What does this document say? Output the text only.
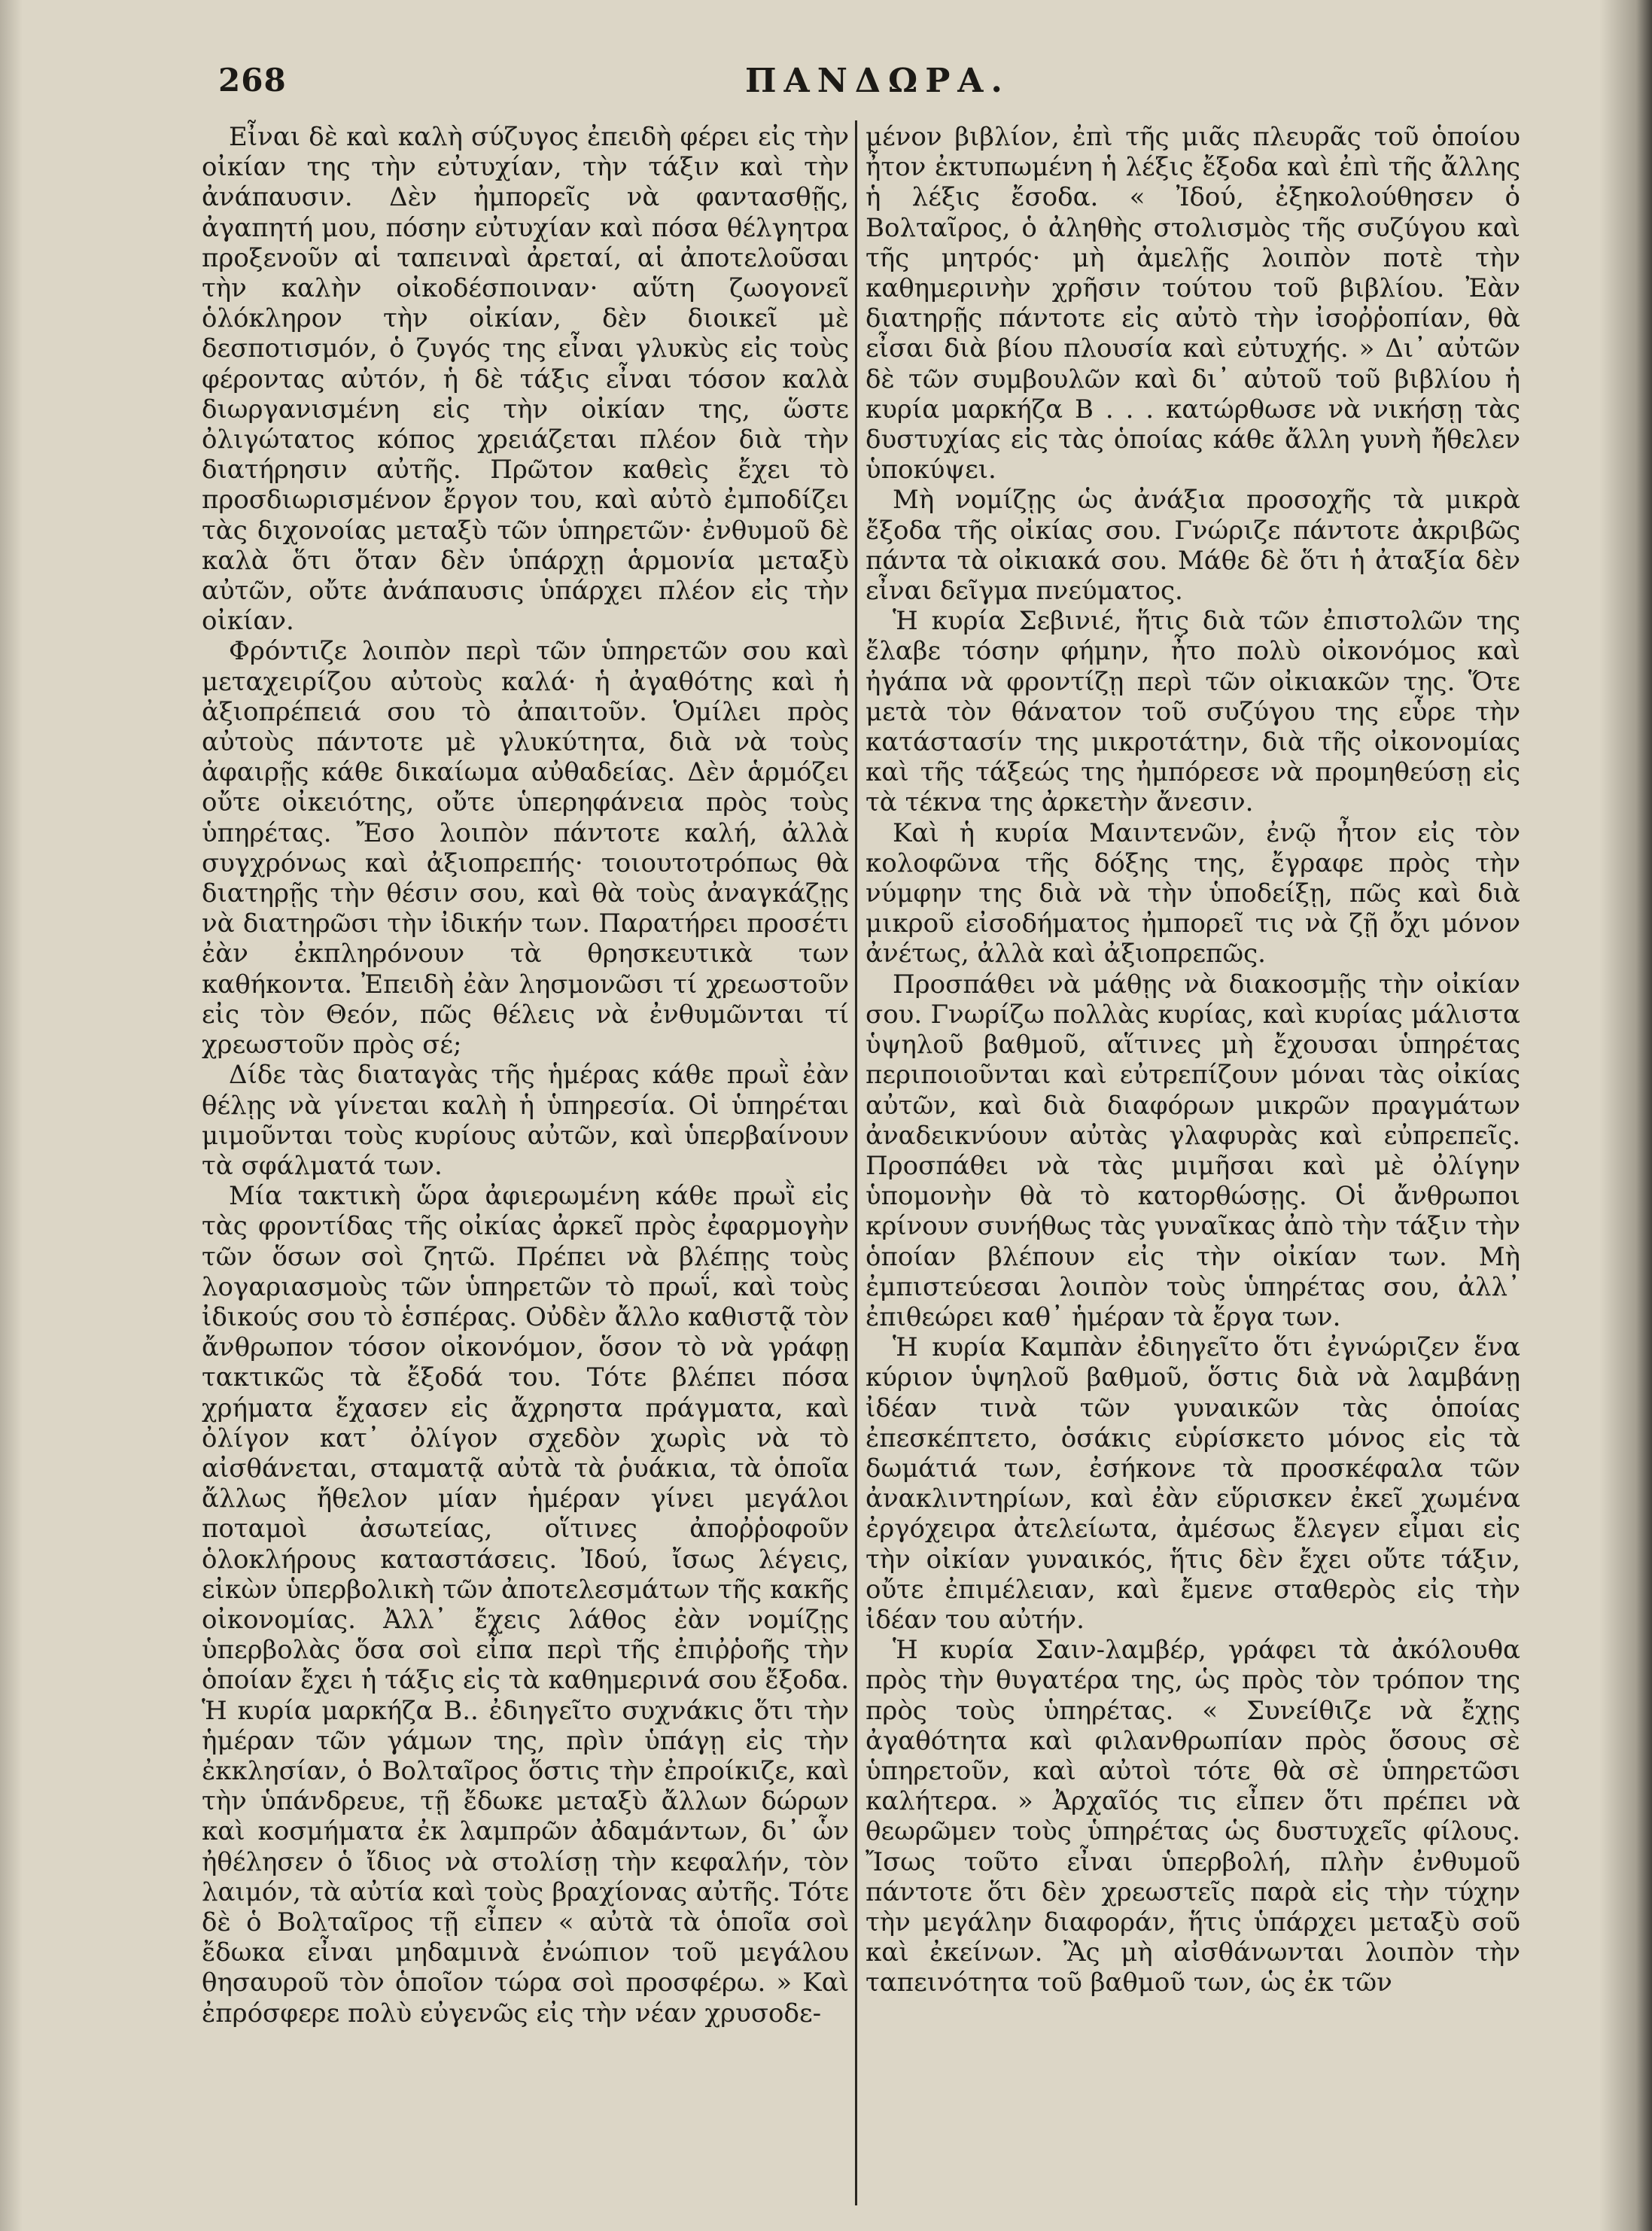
268	ΠΑΝΔΩΡΑ.

Εἶναι δὲ καὶ καλὴ σύζυγος ἐπειδὴ φέρει εἰς τὴν οἰκίαν της τὴν εὐτυχίαν, τὴν τάξιν καὶ τὴν ἀνάπαυσιν. Δὲν ἠμπορεῖς νὰ φαντασθῇς, ἀγαπητή μου, πόσην εὐτυχίαν καὶ πόσα θέλγητρα προξενοῦν αἱ ταπειναὶ ἀρεταί, αἱ ἀποτελοῦσαι τὴν καλὴν οἰκοδέσποιναν· αὕτη ζωογονεῖ ὁλόκληρον τὴν οἰκίαν, δὲν διοικεῖ μὲ δεσποτισμόν, ὁ ζυγός της εἶναι γλυκὺς εἰς τοὺς φέροντας αὐτόν, ἡ δὲ τάξις εἶναι τόσον καλὰ διωργανισμένη εἰς τὴν οἰκίαν της, ὥστε ὀλιγώτατος κόπος χρειάζεται πλέον διὰ τὴν διατήρησιν αὐτῆς. Πρῶτον καθεὶς ἔχει τὸ προσδιωρισμένον ἔργον του, καὶ αὐτὸ ἐμποδίζει τὰς διχονοίας μεταξὺ τῶν ὑπηρετῶν· ἐνθυμοῦ δὲ καλὰ ὅτι ὅταν δὲν ὑπάρχῃ ἁρμονία μεταξὺ αὐτῶν, οὔτε ἀνάπαυσις ὑπάρχει πλέον εἰς τὴν οἰκίαν.

Φρόντιζε λοιπὸν περὶ τῶν ὑπηρετῶν σου καὶ μεταχειρίζου αὐτοὺς καλά· ἡ ἀγαθότης καὶ ἡ ἀξιοπρέπειά σου τὸ ἀπαιτοῦν. Ὁμίλει πρὸς αὐτοὺς πάντοτε μὲ γλυκύτητα, διὰ νὰ τοὺς ἀφαιρῇς κάθε δικαίωμα αὐθαδείας. Δὲν ἁρμόζει οὔτε οἰκειότης, οὔτε ὑπερηφάνεια πρὸς τοὺς ὑπηρέτας. Ἔσο λοιπὸν πάντοτε καλή, ἀλλὰ συγχρόνως καὶ ἀξιοπρεπής· τοιουτοτρόπως θὰ διατηρῇς τὴν θέσιν σου, καὶ θὰ τοὺς ἀναγκάζῃς νὰ διατηρῶσι τὴν ἰδικήν των. Παρατήρει προσέτι ἐὰν ἐκπληρόνουν τὰ θρησκευτικὰ των καθήκοντα. Ἐπειδὴ ἐὰν λησμονῶσι τί χρεωστοῦν εἰς τὸν Θεόν, πῶς θέλεις νὰ ἐνθυμῶνται τί χρεωστοῦν πρὸς σέ;

Δίδε τὰς διαταγὰς τῆς ἡμέρας κάθε πρωῒ ἐὰν θέλῃς νὰ γίνεται καλὴ ἡ ὑπηρεσία. Οἱ ὑπηρέται μιμοῦνται τοὺς κυρίους αὐτῶν, καὶ ὑπερβαίνουν τὰ σφάλματά των.

Μία τακτικὴ ὥρα ἀφιερωμένη κάθε πρωῒ εἰς τὰς φροντίδας τῆς οἰκίας ἀρκεῖ πρὸς ἐφαρμογὴν τῶν ὅσων σοὶ ζητῶ. Πρέπει νὰ βλέπῃς τοὺς λογαριασμοὺς τῶν ὑπηρετῶν τὸ πρωΐ, καὶ τοὺς ἰδικούς σου τὸ ἑσπέρας. Οὐδὲν ἄλλο καθιστᾷ τὸν ἄνθρωπον τόσον οἰκονόμον, ὅσον τὸ νὰ γράφῃ τακτικῶς τὰ ἔξοδά του. Τότε βλέπει πόσα χρήματα ἔχασεν εἰς ἄχρηστα πράγματα, καὶ ὀλίγον κατ᾽ ὀλίγον σχεδὸν χωρὶς νὰ τὸ αἰσθάνεται, σταματᾷ αὐτὰ τὰ ῥυάκια, τὰ ὁποῖα ἄλλως ἤθελον μίαν ἡμέραν γίνει μεγάλοι ποταμοὶ ἀσωτείας, οἵτινες ἀποῤῥοφοῦν ὁλοκλήρους καταστάσεις. Ἰδού, ἴσως λέγεις, εἰκὼν ὑπερβολικὴ τῶν ἀποτελεσμάτων τῆς κακῆς οἰκονομίας. Ἀλλ᾽ ἔχεις λάθος ἐὰν νομίζῃς ὑπερβολὰς ὅσα σοὶ εἶπα περὶ τῆς ἐπιῤῥοῆς τὴν ὁποίαν ἔχει ἡ τάξις εἰς τὰ καθημερινά σου ἔξοδα. Ἡ κυρία μαρκήζα Β.. ἐδιηγεῖτο συχνάκις ὅτι τὴν ἡμέραν τῶν γάμων της, πρὶν ὑπάγῃ εἰς τὴν ἐκκλησίαν, ὁ Βολταῖρος ὅστις τὴν ἐπροίκιζε, καὶ τὴν ὑπάνδρευε, τῇ ἔδωκε μεταξὺ ἄλλων δώρων καὶ κοσμήματα ἐκ λαμπρῶν ἀδαμάντων, δι᾽ ὧν ἠθέλησεν ὁ ἴδιος νὰ στολίσῃ τὴν κεφαλήν, τὸν λαιμόν, τὰ αὐτία καὶ τοὺς βραχίονας αὐτῆς. Τότε δὲ ὁ Βολταῖρος τῇ εἶπεν « αὐτὰ τὰ ὁποῖα σοὶ ἔδωκα εἶναι μηδαμινὰ ἐνώπιον τοῦ μεγάλου θησαυροῦ τὸν ὁποῖον τώρα σοὶ προσφέρω. » Καὶ ἐπρόσφερε πολὺ εὐγενῶς εἰς τὴν νέαν χρυσοδε-

μένον βιβλίον, ἐπὶ τῆς μιᾶς πλευρᾶς τοῦ ὁποίου ἦτον ἐκτυπωμένη ἡ λέξις ἔξοδα καὶ ἐπὶ τῆς ἄλλης ἡ λέξις ἔσοδα. « Ἰδού, ἐξηκολούθησεν ὁ Βολταῖρος, ὁ ἀληθὴς στολισμὸς τῆς συζύγου καὶ τῆς μητρός· μὴ ἀμελῇς λοιπὸν ποτὲ τὴν καθημερινὴν χρῆσιν τούτου τοῦ βιβλίου. Ἐὰν διατηρῇς πάντοτε εἰς αὐτὸ τὴν ἰσοῤῥοπίαν, θὰ εἶσαι διὰ βίου πλουσία καὶ εὐτυχής. » Δι᾽ αὐτῶν δὲ τῶν συμβουλῶν καὶ δι᾽ αὐτοῦ τοῦ βιβλίου ἡ κυρία μαρκήζα Β . . . κατώρθωσε νὰ νικήσῃ τὰς δυστυχίας εἰς τὰς ὁποίας κάθε ἄλλη γυνὴ ἤθελεν ὑποκύψει.

Μὴ νομίζῃς ὡς ἀνάξια προσοχῆς τὰ μικρὰ ἔξοδα τῆς οἰκίας σου. Γνώριζε πάντοτε ἀκριβῶς πάντα τὰ οἰκιακά σου. Μάθε δὲ ὅτι ἡ ἀταξία δὲν εἶναι δεῖγμα πνεύματος.

Ἡ κυρία Σεβινιέ, ἥτις διὰ τῶν ἐπιστολῶν της ἔλαβε τόσην φήμην, ἦτο πολὺ οἰκονόμος καὶ ἠγάπα νὰ φροντίζῃ περὶ τῶν οἰκιακῶν της. Ὅτε μετὰ τὸν θάνατον τοῦ συζύγου της εὗρε τὴν κατάστασίν της μικροτάτην, διὰ τῆς οἰκονομίας καὶ τῆς τάξεώς της ἠμπόρεσε νὰ προμηθεύσῃ εἰς τὰ τέκνα της ἀρκετὴν ἄνεσιν.

Καὶ ἡ κυρία Μαιντενῶν, ἐνῷ ἦτον εἰς τὸν κολοφῶνα τῆς δόξης της, ἔγραφε πρὸς τὴν νύμφην της διὰ νὰ τὴν ὑποδείξῃ, πῶς καὶ διὰ μικροῦ εἰσοδήματος ἠμπορεῖ τις νὰ ζῇ ὄχι μόνον ἀνέτως, ἀλλὰ καὶ ἀξιοπρεπῶς.

Προσπάθει νὰ μάθῃς νὰ διακοσμῇς τὴν οἰκίαν σου. Γνωρίζω πολλὰς κυρίας, καὶ κυρίας μάλιστα ὑψηλοῦ βαθμοῦ, αἵτινες μὴ ἔχουσαι ὑπηρέτας περιποιοῦνται καὶ εὐτρεπίζουν μόναι τὰς οἰκίας αὐτῶν, καὶ διὰ διαφόρων μικρῶν πραγμάτων ἀναδεικνύουν αὐτὰς γλαφυρὰς καὶ εὐπρεπεῖς. Προσπάθει νὰ τὰς μιμῆσαι καὶ μὲ ὀλίγην ὑπομονὴν θὰ τὸ κατορθώσῃς. Οἱ ἄνθρωποι κρίνουν συνήθως τὰς γυναῖκας ἀπὸ τὴν τάξιν τὴν ὁποίαν βλέπουν εἰς τὴν οἰκίαν των. Μὴ ἐμπιστεύεσαι λοιπὸν τοὺς ὑπηρέτας σου, ἀλλ᾽ ἐπιθεώρει καθ᾽ ἡμέραν τὰ ἔργα των.

Ἡ κυρία Καμπὰν ἐδιηγεῖτο ὅτι ἐγνώριζεν ἕνα κύριον ὑψηλοῦ βαθμοῦ, ὅστις διὰ νὰ λαμβάνῃ ἰδέαν τινὰ τῶν γυναικῶν τὰς ὁποίας ἐπεσκέπτετο, ὁσάκις εὑρίσκετο μόνος εἰς τὰ δωμάτιά των, ἐσήκονε τὰ προσκέφαλα τῶν ἀνακλιντηρίων, καὶ ἐὰν εὕρισκεν ἐκεῖ χωμένα ἐργόχειρα ἀτελείωτα, ἀμέσως ἔλεγεν εἶμαι εἰς τὴν οἰκίαν γυναικός, ἥτις δὲν ἔχει οὔτε τάξιν, οὔτε ἐπιμέλειαν, καὶ ἔμενε σταθερὸς εἰς τὴν ἰδέαν του αὐτήν.

Ἡ κυρία Σαιν-λαμβέρ, γράφει τὰ ἀκόλουθα πρὸς τὴν θυγατέρα της, ὡς πρὸς τὸν τρόπον της πρὸς τοὺς ὑπηρέτας. « Συνείθιζε νὰ ἔχῃς ἀγαθότητα καὶ φιλανθρωπίαν πρὸς ὅσους σὲ ὑπηρετοῦν, καὶ αὐτοὶ τότε θὰ σὲ ὑπηρετῶσι καλήτερα. » Ἀρχαῖός τις εἶπεν ὅτι πρέπει νὰ θεωρῶμεν τοὺς ὑπηρέτας ὡς δυστυχεῖς φίλους. Ἴσως τοῦτο εἶναι ὑπερβολή, πλὴν ἐνθυμοῦ πάντοτε ὅτι δὲν χρεωστεῖς παρὰ εἰς τὴν τύχην τὴν μεγάλην διαφοράν, ἥτις ὑπάρχει μεταξὺ σοῦ καὶ ἐκείνων. Ἂς μὴ αἰσθάνωνται λοιπὸν τὴν ταπεινότητα τοῦ βαθμοῦ των, ὡς ἐκ τῶν
